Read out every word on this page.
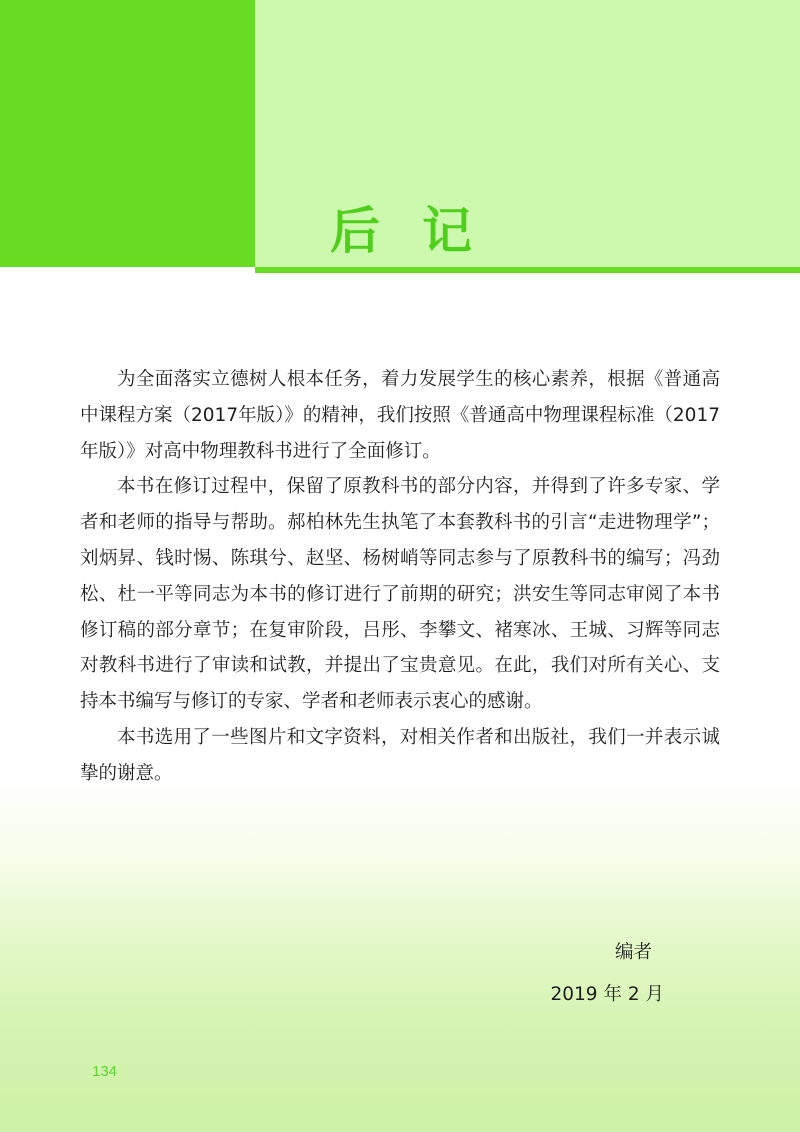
后记

为全面落实立德树人根本任务，着力发展学生的核心素养，根据《普通高中课程方案（2017年版）》的精神，我们按照《普通高中物理课程标准（2017年版）》对高中物理教科书进行了全面修订。

本书在修订过程中，保留了原教科书的部分内容，并得到了许多专家、学者和老师的指导与帮助。郝柏林先生执笔了本套教科书的引言“走进物理学”；刘炳昇、钱时惕、陈琪兮、赵坚、杨树峭等同志参与了原教科书的编写；冯劲松、杜一平等同志为本书的修订进行了前期的研究；洪安生等同志审阅了本书修订稿的部分章节；在复审阶段，吕彤、李攀文、褚寒冰、王城、习辉等同志对教科书进行了审读和试教，并提出了宝贵意见。在此，我们对所有关心、支持本书编写与修订的专家、学者和老师表示衷心的感谢。

本书选用了一些图片和文字资料，对相关作者和出版社，我们一并表示诚挚的谢意。

编者
2019 年 2 月
134
